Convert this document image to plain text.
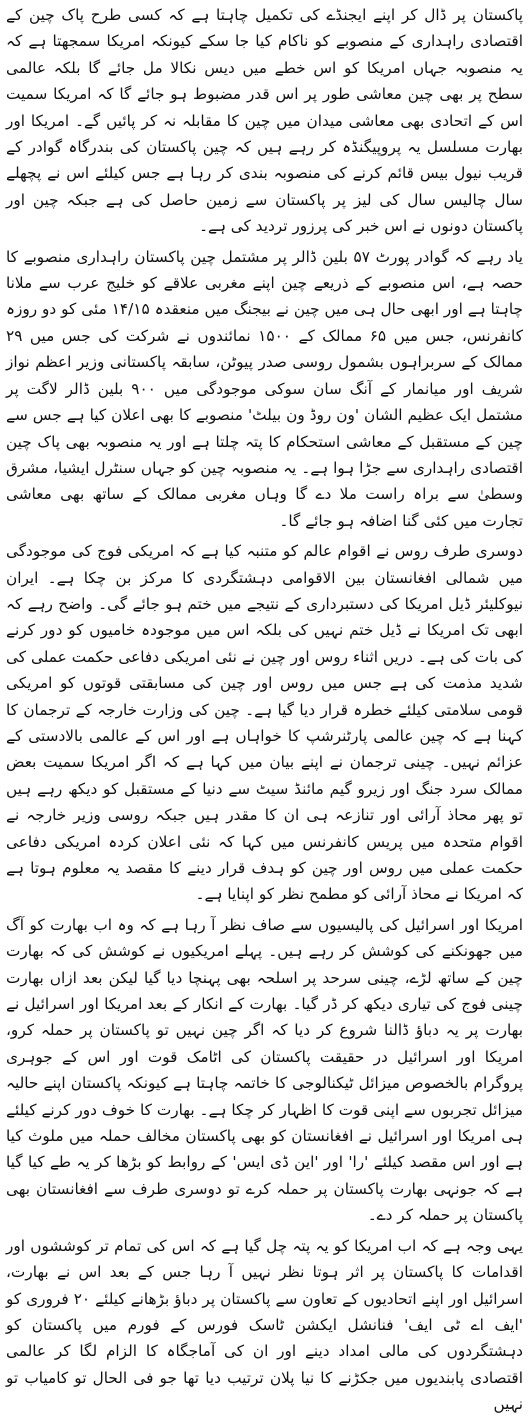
پاکستان پر ڈال کر اپنے ایجنڈے کی تکمیل چاہتا ہے کہ کسی طرح پاک چین کے اقتصادی راہداری کے منصوبے کو ناکام کیا جا سکے کیونکہ امریکا سمجھتا ہے کہ یہ منصوبہ جہاں امریکا کو اس خطے میں دیس نکالا مل جائے گا بلکہ عالمی سطح پر بھی چین معاشی طور پر اس قدر مضبوط ہو جائے گا کہ امریکا سمیت اس کے اتحادی بھی معاشی میدان میں چین کا مقابلہ نہ کر پائیں گے۔ امریکا اور بھارت مسلسل یہ پروپیگنڈہ کر رہے ہیں کہ چین پاکستان کی بندرگاہ گوادر کے قریب نیول بیس قائم کرنے کی منصوبہ بندی کر رہا ہے جس کیلئے اس نے پچھلے سال چالیس سال کی لیز پر پاکستان سے زمین حاصل کی ہے جبکہ چین اور پاکستان دونوں نے اس خبر کی پرزور تردید کی ہے۔

یاد رہے کہ گوادر پورٹ ۵۷ بلین ڈالر پر مشتمل چین پاکستان راہداری منصوبے کا حصہ ہے، اس منصوبے کے ذریعے چین اپنے مغربی علاقے کو خلیج عرب سے ملانا چاہتا ہے اور ابھی حال ہی میں چین نے بیجنگ میں منعقدہ ۱۴/۱۵ مئی کو دو روزہ کانفرنس، جس میں ۶۵ ممالک کے ۱۵۰۰ نمائندوں نے شرکت کی جس میں ۲۹ ممالک کے سربراہوں بشمول روسی صدر پیوٹن، سابقہ پاکستانی وزیر اعظم نواز شریف اور میانمار کے آنگ سان سوکی موجودگی میں ۹۰۰ بلین ڈالر لاگت پر مشتمل ایک عظیم الشان 'ون روڈ ون بیلٹ' منصوبے کا بھی اعلان کیا ہے جس سے چین کے مستقبل کے معاشی استحکام کا پتہ چلتا ہے اور یہ منصوبہ بھی پاک چین اقتصادی راہداری سے جڑا ہوا ہے۔ یہ منصوبہ چین کو جہاں سنٹرل ایشیا، مشرق وسطیٰ سے براہ راست ملا دے گا وہاں مغربی ممالک کے ساتھ بھی معاشی تجارت میں کئی گنا اضافہ ہو جائے گا۔

دوسری طرف روس نے اقوام عالم کو متنبہ کیا ہے کہ امریکی فوج کی موجودگی میں شمالی افغانستان بین الاقوامی دہشتگردی کا مرکز بن چکا ہے۔ ایران نیوکلیئر ڈیل امریکا کی دستبرداری کے نتیجے میں ختم ہو جائے گی۔ واضح رہے کہ ابھی تک امریکا نے ڈیل ختم نہیں کی بلکہ اس میں موجودہ خامیوں کو دور کرنے کی بات کی ہے۔ دریں اثناء روس اور چین نے نئی امریکی دفاعی حکمت عملی کی شدید مذمت کی ہے جس میں روس اور چین کی مسابقتی قوتوں کو امریکی قومی سلامتی کیلئے خطرہ قرار دیا گیا ہے۔ چین کی وزارت خارجہ کے ترجمان کا کہنا ہے کہ چین عالمی پارٹنرشپ کا خواہاں ہے اور اس کے عالمی بالادستی کے عزائم نہیں۔ چینی ترجمان نے اپنے بیان میں کہا ہے کہ اگر امریکا سمیت بعض ممالک سرد جنگ اور زیرو گیم مائنڈ سیٹ سے دنیا کے مستقبل کو دیکھ رہے ہیں تو پھر محاذ آرائی اور تنازعہ ہی ان کا مقدر ہیں جبکہ روسی وزیر خارجہ نے اقوام متحدہ میں پریس کانفرنس میں کہا کہ نئی اعلان کردہ امریکی دفاعی حکمت عملی میں روس اور چین کو ہدف قرار دینے کا مقصد یہ معلوم ہوتا ہے کہ امریکا نے محاذ آرائی کو مطمح نظر کو اپنایا ہے۔

امریکا اور اسرائیل کی پالیسیوں سے صاف نظر آ رہا ہے کہ وہ اب بھارت کو آگ میں جھونکنے کی کوشش کر رہے ہیں۔ پہلے امریکیوں نے کوشش کی کہ بھارت چین کے ساتھ لڑے، چینی سرحد پر اسلحہ بھی پہنچا دیا گیا لیکن بعد ازاں بھارت چینی فوج کی تیاری دیکھ کر ڈر گیا۔ بھارت کے انکار کے بعد امریکا اور اسرائیل نے بھارت پر یہ دباؤ ڈالنا شروع کر دیا کہ اگر چین نہیں تو پاکستان پر حملہ کرو، امریکا اور اسرائیل در حقیقت پاکستان کی اٹامک قوت اور اس کے جوہری پروگرام بالخصوص میزائل ٹیکنالوجی کا خاتمہ چاہتا ہے کیونکہ پاکستان اپنے حالیہ میزائل تجربوں سے اپنی قوت کا اظہار کر چکا ہے۔ بھارت کا خوف دور کرنے کیلئے ہی امریکا اور اسرائیل نے افغانستان کو بھی پاکستان مخالف حملہ میں ملوث کیا ہے اور اس مقصد کیلئے 'را' اور 'این ڈی ایس' کے روابط کو بڑھا کر یہ طے کیا گیا ہے کہ جونہی بھارت پاکستان پر حملہ کرے تو دوسری طرف سے افغانستان بھی پاکستان پر حملہ کر دے۔

یہی وجہ ہے کہ اب امریکا کو یہ پتہ چل گیا ہے کہ اس کی تمام تر کوششوں اور اقدامات کا پاکستان پر اثر ہوتا نظر نہیں آ رہا جس کے بعد اس نے بھارت، اسرائیل اور اپنے اتحادیوں کے تعاون سے پاکستان پر دباؤ بڑھانے کیلئے ۲۰ فروری کو 'ایف اے ٹی ایف' فنانشل ایکشن ٹاسک فورس کے فورم میں پاکستان کو دہشتگردوں کی مالی امداد دینے اور ان کی آماجگاہ کا الزام لگا کر عالمی اقتصادی پابندیوں میں جکڑنے کا نیا پلان ترتیب دیا تھا جو فی الحال تو کامیاب تو نہیں
